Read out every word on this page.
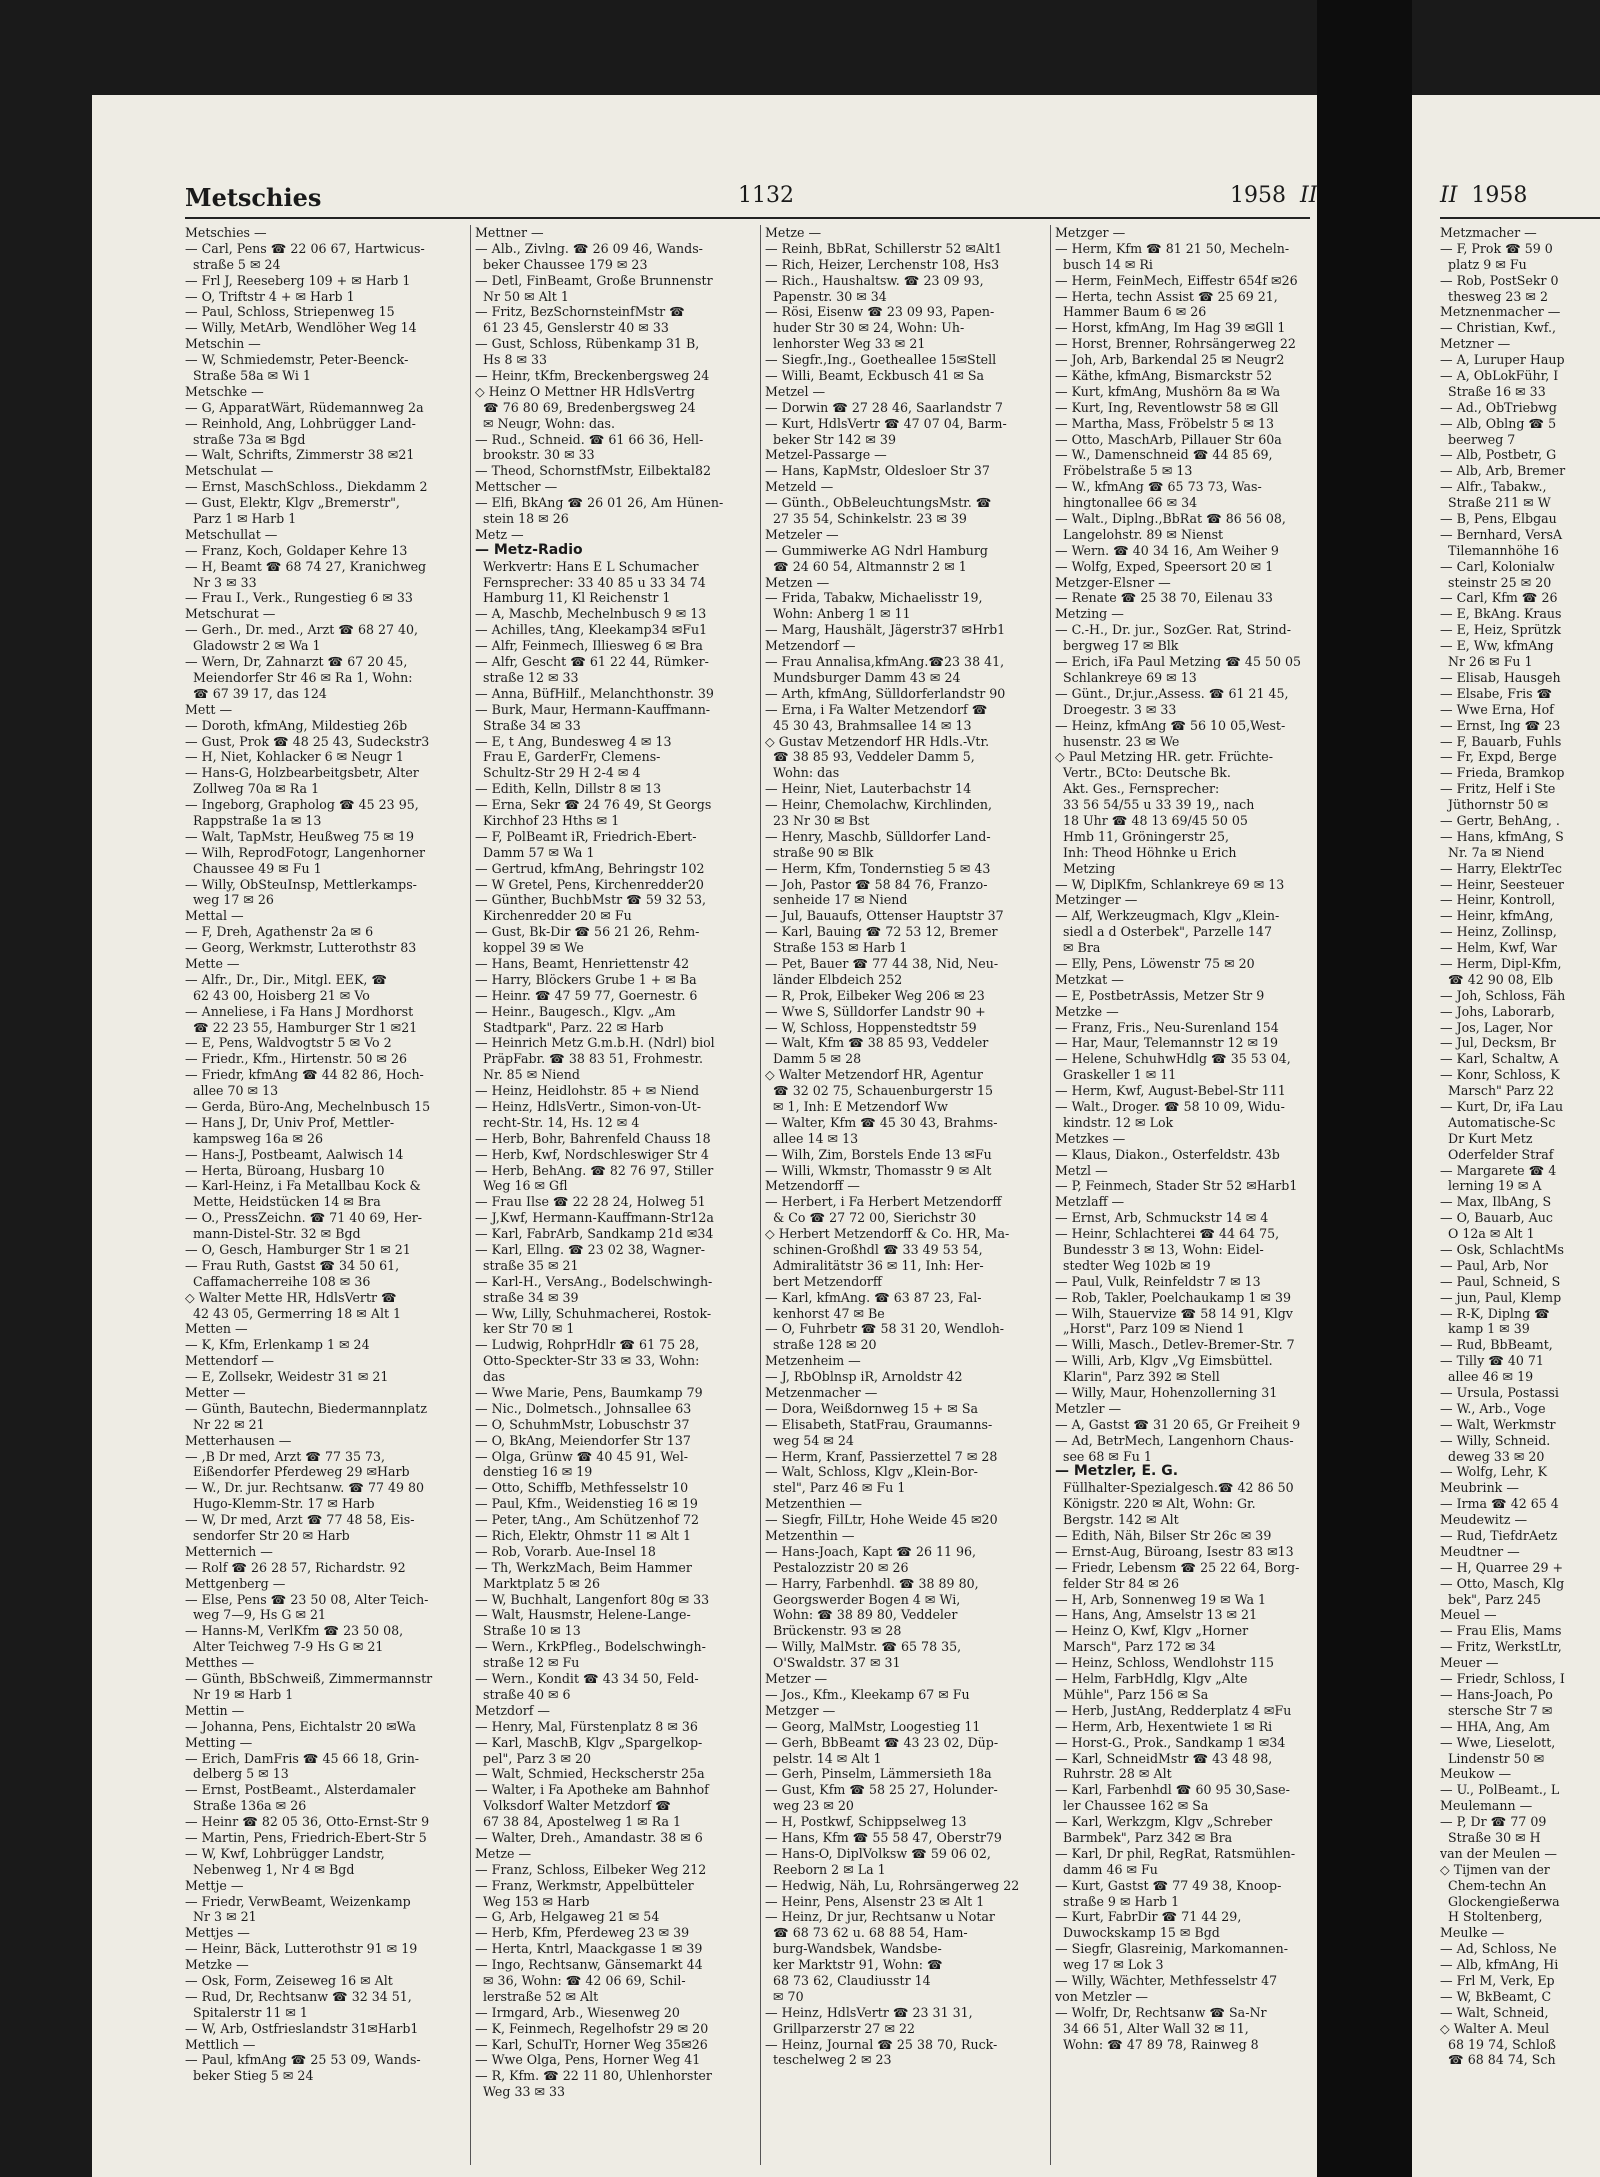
Metschies	1132	1958 II	II 1958
Metschies —
— Carl, Pens ☎ 22 06 67, Hartwicus-
straße 5 ✉ 24
— Frl J, Reeseberg 109 + ✉ Harb 1
— O, Triftstr 4 + ✉ Harb 1
— Paul, Schloss, Striepenweg 15
— Willy, MetArb, Wendlöher Weg 14
Metschin —
— W, Schmiedemstr, Peter-Beenck-
Straße 58a ✉ Wi 1
Metschke —
— G, ApparatWärt, Rüdemannweg 2a
— Reinhold, Ang, Lohbrügger Land-
straße 73a ✉ Bgd
— Walt, Schrifts, Zimmerstr 38 ✉21
Metschulat —
— Ernst, MaschSchloss., Diekdamm 2
— Gust, Elektr, Klgv „Bremerstr",
Parz 1 ✉ Harb 1
Metschullat —
— Franz, Koch, Goldaper Kehre 13
— H, Beamt ☎ 68 74 27, Kranichweg
Nr 3 ✉ 33
— Frau I., Verk., Rungestieg 6 ✉ 33
Metschurat —
— Gerh., Dr. med., Arzt ☎ 68 27 40,
Gladowstr 2 ✉ Wa 1
— Wern, Dr, Zahnarzt ☎ 67 20 45,
Meiendorfer Str 46 ✉ Ra 1, Wohn:
☎ 67 39 17, das 124
Mett —
— Doroth, kfmAng, Mildestieg 26b
— Gust, Prok ☎ 48 25 43, Sudeckstr3
— H, Niet, Kohlacker 6 ✉ Neugr 1
— Hans-G, Holzbearbeitgsbetr, Alter
Zollweg 70a ✉ Ra 1
— Ingeborg, Grapholog ☎ 45 23 95,
Rappstraße 1a ✉ 13
— Walt, TapMstr, Heußweg 75 ✉ 19
— Wilh, ReprodFotogr, Langenhorner
Chaussee 49 ✉ Fu 1
— Willy, ObSteuInsp, Mettlerkamps-
weg 17 ✉ 26
Mettal —
— F, Dreh, Agathenstr 2a ✉ 6
— Georg, Werkmstr, Lutterothstr 83
Mette —
— Alfr., Dr., Dir., Mitgl. EEK, ☎
62 43 00, Hoisberg 21 ✉ Vo
— Anneliese, i Fa Hans J Mordhorst
☎ 22 23 55, Hamburger Str 1 ✉21
— E, Pens, Waldvogtstr 5 ✉ Vo 2
— Friedr., Kfm., Hirtenstr. 50 ✉ 26
— Friedr, kfmAng ☎ 44 82 86, Hoch-
allee 70 ✉ 13
— Gerda, Büro-Ang, Mechelnbusch 15
— Hans J, Dr, Univ Prof, Mettler-
kampsweg 16a ✉ 26
— Hans-J, Postbeamt, Aalwisch 14
— Herta, Büroang, Husbarg 10
— Karl-Heinz, i Fa Metallbau Kock &
Mette, Heidstücken 14 ✉ Bra
— O., PressZeichn. ☎ 71 40 69, Her-
mann-Distel-Str. 32 ✉ Bgd
— O, Gesch, Hamburger Str 1 ✉ 21
— Frau Ruth, Gastst ☎ 34 50 61,
Caffamacherreihe 108 ✉ 36
◇ Walter Mette HR, HdlsVertr ☎
42 43 05, Germerring 18 ✉ Alt 1
Metten —
— K, Kfm, Erlenkamp 1 ✉ 24
Mettendorf —
— E, Zollsekr, Weidestr 31 ✉ 21
Metter —
— Günth, Bautechn, Biedermannplatz
Nr 22 ✉ 21
Metterhausen —
— ,B Dr med, Arzt ☎ 77 35 73,
Eißendorfer Pferdeweg 29 ✉Harb
— W., Dr. jur. Rechtsanw. ☎ 77 49 80
Hugo-Klemm-Str. 17 ✉ Harb
— W, Dr med, Arzt ☎ 77 48 58, Eis-
sendorfer Str 20 ✉ Harb
Metternich —
— Rolf ☎ 26 28 57, Richardstr. 92
Mettgenberg —
— Else, Pens ☎ 23 50 08, Alter Teich-
weg 7—9, Hs G ✉ 21
— Hanns-M, VerlKfm ☎ 23 50 08,
Alter Teichweg 7-9 Hs G ✉ 21
Metthes —
— Günth, BbSchweiß, Zimmermannstr
Nr 19 ✉ Harb 1
Mettin —
— Johanna, Pens, Eichtalstr 20 ✉Wa
Metting —
— Erich, DamFris ☎ 45 66 18, Grin-
delberg 5 ✉ 13
— Ernst, PostBeamt., Alsterdamaler
Straße 136a ✉ 26
— Heinr ☎ 82 05 36, Otto-Ernst-Str 9
— Martin, Pens, Friedrich-Ebert-Str 5
— W, Kwf, Lohbrügger Landstr,
Nebenweg 1, Nr 4 ✉ Bgd
Mettje —
— Friedr, VerwBeamt, Weizenkamp
Nr 3 ✉ 21
Mettjes —
— Heinr, Bäck, Lutterothstr 91 ✉ 19
Metzke —
— Osk, Form, Zeiseweg 16 ✉ Alt
— Rud, Dr, Rechtsanw ☎ 32 34 51,
Spitalerstr 11 ✉ 1
— W, Arb, Ostfrieslandstr 31✉Harb1
Mettlich —
— Paul, kfmAng ☎ 25 53 09, Wands-
beker Stieg 5 ✉ 24
Mettner —
— Alb., Zivlng. ☎ 26 09 46, Wands-
beker Chaussee 179 ✉ 23
— Detl, FinBeamt, Große Brunnenstr
Nr 50 ✉ Alt 1
— Fritz, BezSchornsteinfMstr ☎
61 23 45, Genslerstr 40 ✉ 33
— Gust, Schloss, Rübenkamp 31 B,
Hs 8 ✉ 33
— Heinr, tKfm, Breckenbergsweg 24
◇ Heinz O Mettner HR HdlsVertrg
☎ 76 80 69, Bredenbergsweg 24
✉ Neugr, Wohn: das.
— Rud., Schneid. ☎ 61 66 36, Hell-
brookstr. 30 ✉ 33
— Theod, SchornstfMstr, Eilbektal82
Mettscher —
— Elfi, BkAng ☎ 26 01 26, Am Hünen-
stein 18 ✉ 26
Metz —
— Metz-Radio
Werkvertr: Hans E L Schumacher
Fernsprecher: 33 40 85 u 33 34 74
Hamburg 11, Kl Reichenstr 1
— A, Maschb, Mechelnbusch 9 ✉ 13
— Achilles, tAng, Kleekamp34 ✉Fu1
— Alfr, Feinmech, Illiesweg 6 ✉ Bra
— Alfr, Gescht ☎ 61 22 44, Rümker-
straße 12 ✉ 33
— Anna, BüfHilf., Melanchthonstr. 39
— Burk, Maur, Hermann-Kauffmann-
Straße 34 ✉ 33
— E, t Ang, Bundesweg 4 ✉ 13
Frau E, GarderFr, Clemens-
Schultz-Str 29 H 2-4 ✉ 4
— Edith, Kelln, Dillstr 8 ✉ 13
— Erna, Sekr ☎ 24 76 49, St Georgs
Kirchhof 23 Hths ✉ 1
— F, PolBeamt iR, Friedrich-Ebert-
Damm 57 ✉ Wa 1
— Gertrud, kfmAng, Behringstr 102
— W Gretel, Pens, Kirchenredder20
— Günther, BuchbMstr ☎ 59 32 53,
Kirchenredder 20 ✉ Fu
— Gust, Bk-Dir ☎ 56 21 26, Rehm-
koppel 39 ✉ We
— Hans, Beamt, Henriettenstr 42
— Harry, Blöckers Grube 1 + ✉ Ba
— Heinr. ☎ 47 59 77, Goernestr. 6
— Heinr., Baugesch., Klgv. „Am
Stadtpark", Parz. 22 ✉ Harb
— Heinrich Metz G.m.b.H. (Ndrl) biol
PräpFabr. ☎ 38 83 51, Frohmestr.
Nr. 85 ✉ Niend
— Heinz, Heidlohstr. 85 + ✉ Niend
— Heinz, HdlsVertr., Simon-von-Ut-
recht-Str. 14, Hs. 12 ✉ 4
— Herb, Bohr, Bahrenfeld Chauss 18
— Herb, Kwf, Nordschleswiger Str 4
— Herb, BehAng. ☎ 82 76 97, Stiller
Weg 16 ✉ Gfl
— Frau Ilse ☎ 22 28 24, Holweg 51
— J,Kwf, Hermann-Kauffmann-Str12a
— Karl, FabrArb, Sandkamp 21d ✉34
— Karl, Ellng. ☎ 23 02 38, Wagner-
straße 35 ✉ 21
— Karl-H., VersAng., Bodelschwingh-
straße 34 ✉ 39
— Ww, Lilly, Schuhmacherei, Rostok-
ker Str 70 ✉ 1
— Ludwig, RohprHdlr ☎ 61 75 28,
Otto-Speckter-Str 33 ✉ 33, Wohn:
das
— Wwe Marie, Pens, Baumkamp 79
— Nic., Dolmetsch., Johnsallee 63
— O, SchuhmMstr, Lobuschstr 37
— O, BkAng, Meiendorfer Str 137
— Olga, Grünw ☎ 40 45 91, Wel-
denstieg 16 ✉ 19
— Otto, Schiffb, Methfesselstr 10
— Paul, Kfm., Weidenstieg 16 ✉ 19
— Peter, tAng., Am Schützenhof 72
— Rich, Elektr, Ohmstr 11 ✉ Alt 1
— Rob, Vorarb. Aue-Insel 18
— Th, WerkzMach, Beim Hammer
Marktplatz 5 ✉ 26
— W, Buchhalt, Langenfort 80g ✉ 33
— Walt, Hausmstr, Helene-Lange-
Straße 10 ✉ 13
— Wern., KrkPfleg., Bodelschwingh-
straße 12 ✉ Fu
— Wern., Kondit ☎ 43 34 50, Feld-
straße 40 ✉ 6
Metzdorf —
— Henry, Mal, Fürstenplatz 8 ✉ 36
— Karl, MaschB, Klgv „Spargelkop-
pel", Parz 3 ✉ 20
— Walt, Schmied, Heckscherstr 25a
— Walter, i Fa Apotheke am Bahnhof
Volksdorf Walter Metzdorf ☎
67 38 84, Apostelweg 1 ✉ Ra 1
— Walter, Dreh., Amandastr. 38 ✉ 6
Metze —
— Franz, Schloss, Eilbeker Weg 212
— Franz, Werkmstr, Appelbütteler
Weg 153 ✉ Harb
— G, Arb, Helgaweg 21 ✉ 54
— Herb, Kfm, Pferdeweg 23 ✉ 39
— Herta, Kntrl, Maackgasse 1 ✉ 39
— Ingo, Rechtsanw, Gänsemarkt 44
✉ 36, Wohn: ☎ 42 06 69, Schil-
lerstraße 52 ✉ Alt
— Irmgard, Arb., Wiesenweg 20
— K, Feinmech, Regelhofstr 29 ✉ 20
— Karl, SchulTr, Horner Weg 35✉26
— Wwe Olga, Pens, Horner Weg 41
— R, Kfm. ☎ 22 11 80, Uhlenhorster
Weg 33 ✉ 33
Metze —
— Reinh, BbRat, Schillerstr 52 ✉Alt1
— Rich, Heizer, Lerchenstr 108, Hs3
— Rich., Haushaltsw. ☎ 23 09 93,
Papenstr. 30 ✉ 34
— Rösi, Eisenw ☎ 23 09 93, Papen-
huder Str 30 ✉ 24, Wohn: Uh-
lenhorster Weg 33 ✉ 21
— Siegfr.,Ing., Goetheallee 15✉Stell
— Willi, Beamt, Eckbusch 41 ✉ Sa
Metzel —
— Dorwin ☎ 27 28 46, Saarlandstr 7
— Kurt, HdlsVertr ☎ 47 07 04, Barm-
beker Str 142 ✉ 39
Metzel-Passarge —
— Hans, KapMstr, Oldesloer Str 37
Metzeld —
— Günth., ObBeleuchtungsMstr. ☎
27 35 54, Schinkelstr. 23 ✉ 39
Metzeler —
— Gummiwerke AG Ndrl Hamburg
☎ 24 60 54, Altmannstr 2 ✉ 1
Metzen —
— Frida, Tabakw, Michaelisstr 19,
Wohn: Anberg 1 ✉ 11
— Marg, Haushält, Jägerstr37 ✉Hrb1
Metzendorf —
— Frau Annalisa,kfmAng.☎23 38 41,
Mundsburger Damm 43 ✉ 24
— Arth, kfmAng, Sülldorferlandstr 90
— Erna, i Fa Walter Metzendorf ☎
45 30 43, Brahmsallee 14 ✉ 13
◇ Gustav Metzendorf HR Hdls.-Vtr.
☎ 38 85 93, Veddeler Damm 5,
Wohn: das
— Heinr, Niet, Lauterbachstr 14
— Heinr, Chemolachw, Kirchlinden,
23 Nr 30 ✉ Bst
— Henry, Maschb, Sülldorfer Land-
straße 90 ✉ Blk
— Herm, Kfm, Tondernstieg 5 ✉ 43
— Joh, Pastor ☎ 58 84 76, Franzo-
senheide 17 ✉ Niend
— Jul, Bauaufs, Ottenser Hauptstr 37
— Karl, Bauing ☎ 72 53 12, Bremer
Straße 153 ✉ Harb 1
— Pet, Bauer ☎ 77 44 38, Nid, Neu-
länder Elbdeich 252
— R, Prok, Eilbeker Weg 206 ✉ 23
— Wwe S, Sülldorfer Landstr 90 +
— W, Schloss, Hoppenstedtstr 59
— Walt, Kfm ☎ 38 85 93, Veddeler
Damm 5 ✉ 28
◇ Walter Metzendorf HR, Agentur
☎ 32 02 75, Schauenburgerstr 15
✉ 1, Inh: E Metzendorf Ww
— Walter, Kfm ☎ 45 30 43, Brahms-
allee 14 ✉ 13
— Wilh, Zim, Borstels Ende 13 ✉Fu
— Willi, Wkmstr, Thomasstr 9 ✉ Alt
Metzendorff —
— Herbert, i Fa Herbert Metzendorff
& Co ☎ 27 72 00, Sierichstr 30
◇ Herbert Metzendorff & Co. HR, Ma-
schinen-Großhdl ☎ 33 49 53 54,
Admiralitätstr 36 ✉ 11, Inh: Her-
bert Metzendorff
— Karl, kfmAng. ☎ 63 87 23, Fal-
kenhorst 47 ✉ Be
— O, Fuhrbetr ☎ 58 31 20, Wendloh-
straße 128 ✉ 20
Metzenheim —
— J, RbOblnsp iR, Arnoldstr 42
Metzenmacher —
— Dora, Weißdornweg 15 + ✉ Sa
— Elisabeth, StatFrau, Graumanns-
weg 54 ✉ 24
— Herm, Kranf, Passierzettel 7 ✉ 28
— Walt, Schloss, Klgv „Klein-Bor-
stel", Parz 46 ✉ Fu 1
Metzenthien —
— Siegfr, FilLtr, Hohe Weide 45 ✉20
Metzenthin —
— Hans-Joach, Kapt ☎ 26 11 96,
Pestalozzistr 20 ✉ 26
— Harry, Farbenhdl. ☎ 38 89 80,
Georgswerder Bogen 4 ✉ Wi,
Wohn: ☎ 38 89 80, Veddeler
Brückenstr. 93 ✉ 28
— Willy, MalMstr. ☎ 65 78 35,
O'Swaldstr. 37 ✉ 31
Metzer —
— Jos., Kfm., Kleekamp 67 ✉ Fu
Metzger —
— Georg, MalMstr, Loogestieg 11
— Gerh, BbBeamt ☎ 43 23 02, Düp-
pelstr. 14 ✉ Alt 1
— Gerh, Pinselm, Lämmersieth 18a
— Gust, Kfm ☎ 58 25 27, Holunder-
weg 23 ✉ 20
— H, Postkwf, Schippselweg 13
— Hans, Kfm ☎ 55 58 47, Oberstr79
— Hans-O, DiplVolksw ☎ 59 06 02,
Reeborn 2 ✉ La 1
— Hedwig, Näh, Lu, Rohrsängerweg 22
— Heinr, Pens, Alsenstr 23 ✉ Alt 1
— Heinz, Dr jur, Rechtsanw u Notar
☎ 68 73 62 u. 68 88 54, Ham-
burg-Wandsbek, Wandsbe-
ker Marktstr 91, Wohn: ☎
68 73 62, Claudiusstr 14
✉ 70
— Heinz, HdlsVertr ☎ 23 31 31,
Grillparzerstr 27 ✉ 22
— Heinz, Journal ☎ 25 38 70, Ruck-
teschelweg 2 ✉ 23
Metzger —
— Herm, Kfm ☎ 81 21 50, Mecheln-
busch 14 ✉ Ri
— Herm, FeinMech, Eiffestr 654f ✉26
— Herta, techn Assist ☎ 25 69 21,
Hammer Baum 6 ✉ 26
— Horst, kfmAng, Im Hag 39 ✉Gll 1
— Horst, Brenner, Rohrsängerweg 22
— Joh, Arb, Barkendal 25 ✉ Neugr2
— Käthe, kfmAng, Bismarckstr 52
— Kurt, kfmAng, Mushörn 8a ✉ Wa
— Kurt, Ing, Reventlowstr 58 ✉ Gll
— Martha, Mass, Fröbelstr 5 ✉ 13
— Otto, MaschArb, Pillauer Str 60a
— W., Damenschneid ☎ 44 85 69,
Fröbelstraße 5 ✉ 13
— W., kfmAng ☎ 65 73 73, Was-
hingtonallee 66 ✉ 34
— Walt., Diplng.,BbRat ☎ 86 56 08,
Langelohstr. 89 ✉ Nienst
— Wern. ☎ 40 34 16, Am Weiher 9
— Wolfg, Exped, Speersort 20 ✉ 1
Metzger-Elsner —
— Renate ☎ 25 38 70, Eilenau 33
Metzing —
— C.-H., Dr. jur., SozGer. Rat, Strind-
bergweg 17 ✉ Blk
— Erich, iFa Paul Metzing ☎ 45 50 05
Schlankreye 69 ✉ 13
— Günt., Dr.jur.,Assess. ☎ 61 21 45,
Droegestr. 3 ✉ 33
— Heinz, kfmAng ☎ 56 10 05,West-
husenstr. 23 ✉ We
◇ Paul Metzing HR. getr. Früchte-
Vertr., BCto: Deutsche Bk.
Akt. Ges., Fernsprecher:
33 56 54/55 u 33 39 19,, nach
18 Uhr ☎ 48 13 69/45 50 05
Hmb 11, Gröningerstr 25,
Inh: Theod Höhnke u Erich
Metzing
— W, DiplKfm, Schlankreye 69 ✉ 13
Metzinger —
— Alf, Werkzeugmach, Klgv „Klein-
siedl a d Osterbek", Parzelle 147
✉ Bra
— Elly, Pens, Löwenstr 75 ✉ 20
Metzkat —
— E, PostbetrAssis, Metzer Str 9
Metzke —
— Franz, Fris., Neu-Surenland 154
— Har, Maur, Telemannstr 12 ✉ 19
— Helene, SchuhwHdlg ☎ 35 53 04,
Graskeller 1 ✉ 11
— Herm, Kwf, August-Bebel-Str 111
— Walt., Droger. ☎ 58 10 09, Widu-
kindstr. 12 ✉ Lok
Metzkes —
— Klaus, Diakon., Osterfeldstr. 43b
Metzl —
— P, Feinmech, Stader Str 52 ✉Harb1
Metzlaff —
— Ernst, Arb, Schmuckstr 14 ✉ 4
— Heinr, Schlachterei ☎ 44 64 75,
Bundesstr 3 ✉ 13, Wohn: Eidel-
stedter Weg 102b ✉ 19
— Paul, Vulk, Reinfeldstr 7 ✉ 13
— Rob, Takler, Poelchaukamp 1 ✉ 39
— Wilh, Stauervize ☎ 58 14 91, Klgv
„Horst", Parz 109 ✉ Niend 1
— Willi, Masch., Detlev-Bremer-Str. 7
— Willi, Arb, Klgv „Vg Eimsbüttel.
Klarin", Parz 392 ✉ Stell
— Willy, Maur, Hohenzollerning 31
Metzler —
— A, Gastst ☎ 31 20 65, Gr Freiheit 9
— Ad, BetrMech, Langenhorn Chaus-
see 68 ✉ Fu 1
— Metzler, E. G.
Füllhalter-Spezialgesch.☎ 42 86 50
Königstr. 220 ✉ Alt, Wohn: Gr.
Bergstr. 142 ✉ Alt
— Edith, Näh, Bilser Str 26c ✉ 39
— Ernst-Aug, Büroang, Isestr 83 ✉13
— Friedr, Lebensm ☎ 25 22 64, Borg-
felder Str 84 ✉ 26
— H, Arb, Sonnenweg 19 ✉ Wa 1
— Hans, Ang, Amselstr 13 ✉ 21
— Heinz O, Kwf, Klgv „Horner
Marsch", Parz 172 ✉ 34
— Heinz, Schloss, Wendlohstr 115
— Helm, FarbHdlg, Klgv „Alte
Mühle", Parz 156 ✉ Sa
— Herb, JustAng, Redderplatz 4 ✉Fu
— Herm, Arb, Hexentwiete 1 ✉ Ri
— Horst-G., Prok., Sandkamp 1 ✉34
— Karl, SchneidMstr ☎ 43 48 98,
Ruhrstr. 28 ✉ Alt
— Karl, Farbenhdl ☎ 60 95 30,Sase-
ler Chaussee 162 ✉ Sa
— Karl, Werkzgm, Klgv „Schreber
Barmbek", Parz 342 ✉ Bra
— Karl, Dr phil, RegRat, Ratsmühlen-
damm 46 ✉ Fu
— Kurt, Gastst ☎ 77 49 38, Knoop-
straße 9 ✉ Harb 1
— Kurt, FabrDir ☎ 71 44 29,
Duwockskamp 15 ✉ Bgd
— Siegfr, Glasreinig, Markomannen-
weg 17 ✉ Lok 3
— Willy, Wächter, Methfesselstr 47
von Metzler —
— Wolfr, Dr, Rechtsanw ☎ Sa-Nr
34 66 51, Alter Wall 32 ✉ 11,
Wohn: ☎ 47 89 78, Rainweg 8
Metzmacher —
— F, Prok ☎ 59 0
platz 9 ✉ Fu
— Rob, PostSekr 0
thesweg 23 ✉ 2
Metznenmacher —
— Christian, Kwf.,
Metzner —
— A, Luruper Haup
— A, ObLokFühr, I
Straße 16 ✉ 33
— Ad., ObTriebwg
— Alb, Oblng ☎ 5
beerweg 7
— Alb, Postbetr, G
— Alb, Arb, Bremer
— Alfr., Tabakw.,
Straße 211 ✉ W
— B, Pens, Elbgau
— Bernhard, VersA
Tilemannhöhe 16
— Carl, Kolonialw
steinstr 25 ✉ 20
— Carl, Kfm ☎ 26
— E, BkAng. Kraus
— E, Heiz, Sprützk
— E, Ww, kfmAng
Nr 26 ✉ Fu 1
— Elisab, Hausgeh
— Elsabe, Fris ☎
— Wwe Erna, Hof
— Ernst, Ing ☎ 23
— F, Bauarb, Fuhls
— Fr, Expd, Berge
— Frieda, Bramkop
— Fritz, Helf i Ste
Jüthornstr 50 ✉
— Gertr, BehAng, .
— Hans, kfmAng, S
Nr. 7a ✉ Niend
— Harry, ElektrTec
— Heinr, Seesteuer
— Heinr, Kontroll,
— Heinr, kfmAng,
— Heinz, Zollinsp,
— Helm, Kwf, War
— Herm, Dipl-Kfm,
☎ 42 90 08, Elb
— Joh, Schloss, Fäh
— Johs, Laborarb,
— Jos, Lager, Nor
— Jul, Decksm, Br
— Karl, Schaltw, A
— Konr, Schloss, K
Marsch" Parz 22
— Kurt, Dr, iFa Lau
Automatische-Sc
Dr Kurt Metz
Oderfelder Straf
— Margarete ☎ 4
lerning 19 ✉ A
— Max, IlbAng, S
— O, Bauarb, Auc
O 12a ✉ Alt 1
— Osk, SchlachtMs
— Paul, Arb, Nor
— Paul, Schneid, S
— jun, Paul, Klemp
— R-K, Diplng ☎
kamp 1 ✉ 39
— Rud, BbBeamt,
— Tilly ☎ 40 71
allee 46 ✉ 19
— Ursula, Postassi
— W., Arb., Voge
— Walt, Werkmstr
— Willy, Schneid.
deweg 33 ✉ 20
— Wolfg, Lehr, K
Meubrink —
— Irma ☎ 42 65 4
Meudewitz —
— Rud, TiefdrAetz
Meudtner —
— H, Quarree 29 +
— Otto, Masch, Klg
bek", Parz 245
Meuel —
— Frau Elis, Mams
— Fritz, WerkstLtr,
Meuer —
— Friedr, Schloss, I
— Hans-Joach, Po
stersche Str 7 ✉
— HHA, Ang, Am
— Wwe, Lieselott,
Lindenstr 50 ✉
Meukow —
— U., PolBeamt., L
Meulemann —
— P, Dr ☎ 77 09
Straße 30 ✉ H
van der Meulen —
◇ Tijmen van der
Chem-techn An
Glockengießerwa
H Stoltenberg,
Meulke —
— Ad, Schloss, Ne
— Alb, kfmAng, Hi
— Frl M, Verk, Ep
— W, BkBeamt, C
— Walt, Schneid,
◇ Walter A. Meul
68 19 74, Schloß
☎ 68 84 74, Sch
